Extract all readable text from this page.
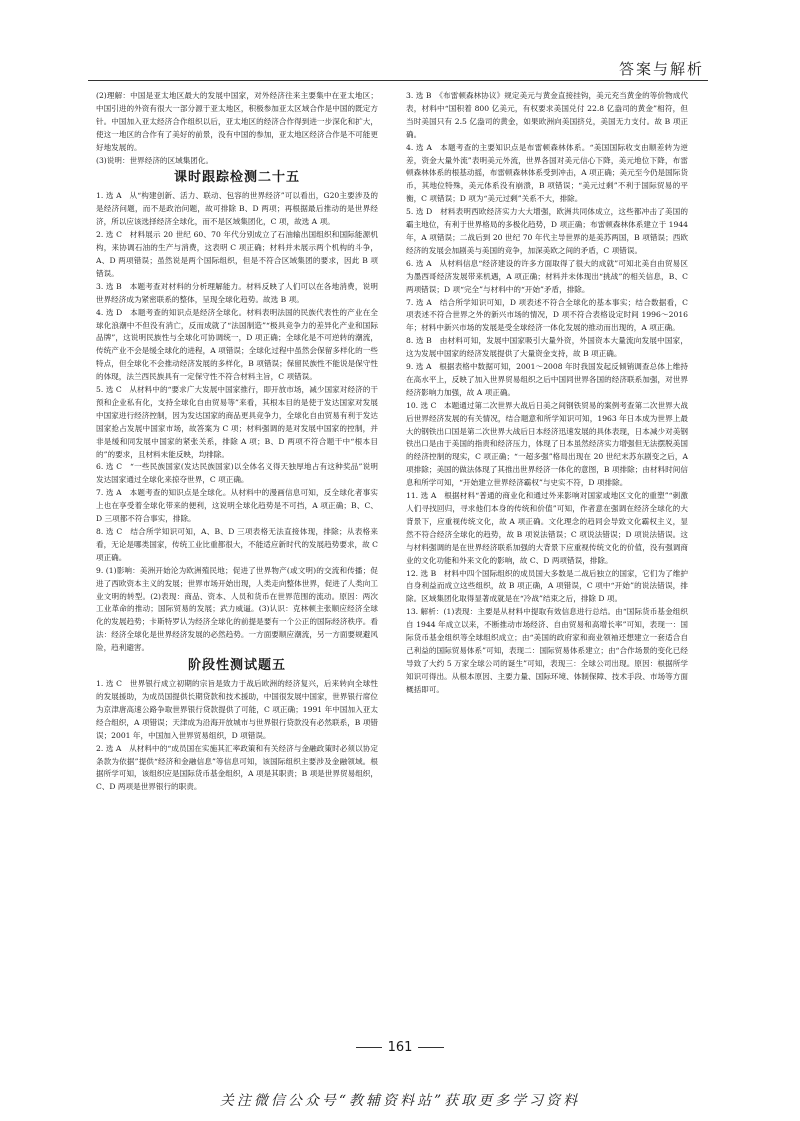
答案与解析

(2)理解：中国是亚太地区最大的发展中国家，对外经济往来主要集中在亚太地区；中国引进的外资有很大一部分源于亚太地区，积极参加亚太区域合作是中国的既定方针。中国加入亚太经济合作组织以后，亚太地区的经济合作得到进一步深化和扩大，使这一地区的合作有了美好的前景，没有中国的参加，亚太地区经济合作是不可能更好地发展的。

(3)说明：世界经济的区域集团化。

课时跟踪检测二十五

1. 选 A　从“构建创新、活力、联动、包容的世界经济”可以看出，G20主要涉及的是经济问题，而不是政治问题，故可排除 B、D 两项；再根据最后推动的是世界经济，所以应该选择经济全球化，而不是区域集团化，C 项，故选 A 项。

2. 选 C　材料展示 20 世纪 60、70 年代分别成立了石油输出国组织和国际能源机构，来协调石油的生产与消费，这表明 C 项正确；材料并未展示两个机构的斗争，A、D 两项错误；虽然说是两个国际组织，但是不符合区域集团的要求，因此 B 项错误。

3. 选 B　本题考查对材料的分析理解能力。材料反映了人们可以在各地消费，说明世界经济成为紧密联系的整体，呈现全球化趋势。故选 B 项。

4. 选 D　本题考查的知识点是经济全球化。材料表明法国的民族代表性的产业在全球化浪潮中不但没有消亡，反而成就了“法国制造”“极具竞争力的差异化产业和国际品牌”，这说明民族性与全球化可协调统一，D 项正确；全球化是不可逆转的潮流，传统产业不会是缓全球化的进程，A 项错误；全球化过程中虽然会保留多样化的一些特点，但全球化不会推动经济发展的多样化，B 项错误；保留民族性不能说是保守性的体现，法兰西民族具有一定保守性不符合材料主旨，C 项错误。

5. 选 C　从材料中的“要求广大发展中国家推行，即开放市场，减少国家对经济的干预和企业私有化，支持全球化自由贸易等”来看，其根本目的是使于发达国家对发展中国家进行经济控制，因为发达国家的商品更具竞争力，全球化自由贸易有利于发达国家抢占发展中国家市场，故答案为 C 项；材料强调的是对发展中国家的控制，并非是缓和同发展中国家的紧张关系，排除 A 项；B、D 两项不符合题干中“根本目的”的要求，且材料未能反映，均排除。

6. 选 C　“一些民族国家(发达民族国家)以全体名义得天独厚地占有这种奖品”说明发达国家通过全球化来掠夺世界，C 项正确。

7. 选 A　本题考查的知识点是全球化。从材料中的漫画信息可知，反全球化者事实上也在享受着全球化带来的便利，这说明全球化趋势是不可挡，A 项正确；B、C、D 三项都不符合事实，排除。

8. 选 C　结合所学知识可知，A、B、D 三项表格无法直接体现，排除；从表格来看，无论是哪类国家，传统工业比重都很大，不能适应新时代的发展趋势要求，故 C 项正确。

9. (1)影响：美洲开始沦为欧洲殖民地；促进了世界物产(或文明)的交流和传播；促进了西欧资本主义的发展；世界市场开始出现，人类走向整体世界，促进了人类向工业文明的转型。(2)表现：商品、资本、人员和货币在世界范围的流动。原因：两次工业革命的推动；国际贸易的发展；武力威逼。(3)认识：克林顿主张顺应经济全球化的发展趋势；卡斯特罗认为经济全球化的前提是要有一个公正的国际经济秩序。看法：经济全球化是世界经济发展的必然趋势。一方面要顺应潮流，另一方面要规避风险，趋利避害。

阶段性测试题五

1. 选 C　世界银行成立初期的宗旨是致力于战后欧洲的经济复兴，后来转向全球性的发展援助，为成员国提供长期贷款和技术援助，中国很发展中国家，世界银行席位为京津唐高速公路争取世界银行贷款提供了可能，C 项正确；1991 年中国加入亚太经合组织，A 项错误；天津成为沿海开放城市与世界银行贷款没有必然联系，B 项错误；2001 年，中国加入世界贸易组织，D 项错误。

2. 选 A　从材料中的“成员国在实施其汇率政策和有关经济与金融政策时必须以协定条款为依据”提供“经济和金融信息”等信息可知，该国际组织主要涉及金融领域。根据所学可知，该组织应是国际货币基金组织，A 项是其职责；B 项是世界贸易组织，C、D 两项是世界银行的职责。

3. 选 B　《布雷顿森林协议》规定美元与黄金直接挂钩，美元充当黄金的等价物成代表，材料中“国积着 800 亿美元，有权要求美国兑付 22.8 亿盎司的黄金”相符，但当时美国只有 2.5 亿盎司的黄金，如果欧洲向美国挤兑，美国无力支付。故 B 项正确。

4. 选 A　本题考查的主要知识点是布雷顿森林体系。“美国国际收支由顺差转为逆差，资金大量外流”表明美元外流，世界各国对美元信心下降，美元地位下降，布雷顿森林体系的根基动摇，布雷顿森林体系受到冲击，A 项正确；美元至今仍是国际货币，其地位特殊，美元体系没有崩溃，B 项错误；“美元过剩”不利于国际贸易的平衡，C 项错误；D 项为“美元过剩”关系不大，排除。

5. 选 D　材料表明西欧经济实力大大增强，欧洲共同体成立，这些都冲击了美国的霸主地位，有利于世界格局的多极化趋势，D 项正确；布雷顿森林体系建立于 1944 年，A 项错误；二战后到 20 世纪 70 年代主导世界的是美苏两国，B 项错误；西欧经济的发展会加剧美与美国的竞争，加深美欧之间的矛盾，C 项错误。

6. 选 A　从材料信息“经济建设的许多方面取得了很大的成就”可知北美自由贸易区为墨西哥经济发展带来机遇，A 项正确；材料并未体现出“挑战”的相关信息，B、C 两项错误；D 项“完全”与材料中的“开始”矛盾，排除。

7. 选 A　结合所学知识可知，D 项表述不符合全球化的基本事实；结合数据看，C 项表述不符合世界之外的新兴市场的情况，D 项不符合表格设定时间 1996～2016 年；材料中新兴市场的发展是受全球经济一体化发展的推动而出现的，A 项正确。

8. 选 B　由材料可知，发展中国家吸引大量外资，外国资本大量流向发展中国家，这为发展中国家的经济发展提供了大量资金支持，故 B 项正确。

9. 选 A　根据表格中数据可知，2001～2008 年时我国发起反倾销调查总体上维持在高水平上，反映了加入世界贸易组织之后中国同世界各国的经济联系加强，对世界经济影响力加强，故 A 项正确。

10. 选 C　本题通过第二次世界大战后日美之间钢铁贸易的案例考查第二次世界大战后世界经济发展的有关情况，结合题意和所学知识可知，1963 年日本成为世界上最大的钢铁出口国是第二次世界大战后日本经济迅速发展的具体表现，日本减少对美钢铁出口是由于美国的指责和经济压力，体现了日本虽然经济实力增强但无法摆脱美国的经济控制的现实，C 项正确；“一超多强”格局出现在 20 世纪末苏东剧变之后，A 项排除；美国的做法体现了其推出世界经济一体化的意图，B 项排除；由材料时间信息和所学可知，“开始建立世界经济霸权”与史实不符，D 项排除。

11. 选 A　根据材料“普通的商业化和通过外来影响对国家或地区文化的重塑”“刺激人们寻找回归，寻求他们本身的传统和价值”可知，作者意在强调在经济全球化的大背景下，应重视传统文化，故 A 项正确。文化理念的趋同会导致文化霸权主义，显然不符合经济全球化的趋势，故 B 项说法错误；C 项说法错误；D 项说法错误。这与材料强调的是在世界经济联系加强的大背景下应重视传统文化的价值，没有强调商业的文化功能和外来文化的影响，故 C、D 两项错误，排除。

12. 选 B　材料中四个国际组织的成员国大多数是二战后独立的国家，它们为了维护自身利益而成立这些组织，故 B 项正确，A 项错误，C 项中“开始”的说法错误，排除。区域集团化取得显著成就是在“冷战”结束之后，排除 D 项。

13. 解析：(1)表现：主要是从材料中提取有效信息进行总结。由“国际货币基金组织自 1944 年成立以来，不断推动市场经济、自由贸易和高增长率”可知，表现一：国际货币基金组织等全球组织成立；由“美国的政府家和商业领袖还想建立一套适合自己利益的国际贸易体系”可知，表现二：国际贸易体系建立；由“合作场景的变化已经导致了大约 5 万家全球公司的诞生”可知，表现三：全球公司出现。原因：根据所学知识可得出。从根本原因、主要力量、国际环境、体制保障、技术手段、市场等方面概括即可。

161
关注微信公众号“教辅资料站”获取更多学习资料
